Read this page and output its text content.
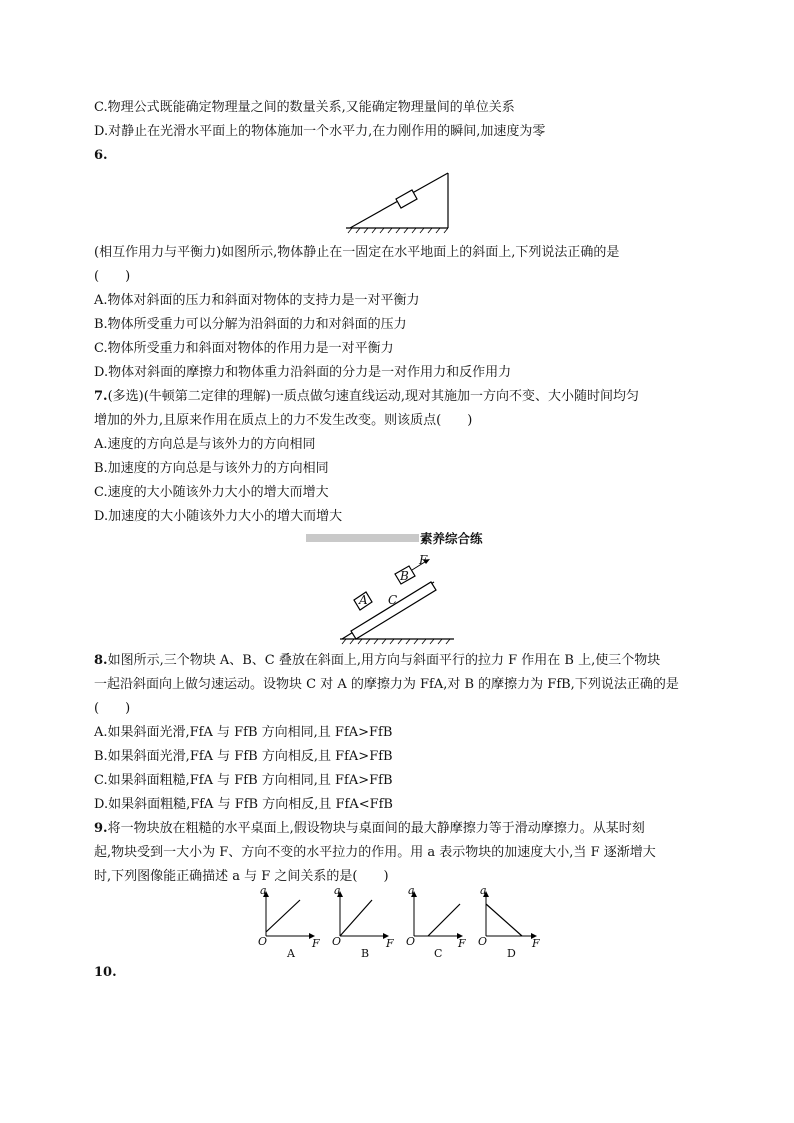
C.物理公式既能确定物理量之间的数量关系,又能确定物理量间的单位关系
D.对静止在光滑水平面上的物体施加一个水平力,在力刚作用的瞬间,加速度为零
6.
(相互作用力与平衡力)如图所示,物体静止在一固定在水平地面上的斜面上,下列说法正确的是
(　　)
A.物体对斜面的压力和斜面对物体的支持力是一对平衡力
B.物体所受重力可以分解为沿斜面的力和对斜面的压力
C.物体所受重力和斜面对物体的作用力是一对平衡力
D.物体对斜面的摩擦力和物体重力沿斜面的分力是一对作用力和反作用力
7.(多选)(牛顿第二定律的理解)一质点做匀速直线运动,现对其施加一方向不变、大小随时间均匀
增加的外力,且原来作用在质点上的力不发生改变。则该质点(　　)
A.速度的方向总是与该外力的方向相同
B.加速度的方向总是与该外力的方向相同
C.速度的大小随该外力大小的增大而增大
D.加速度的大小随该外力大小的增大而增大
素养综合练
A
B
C
F
8.如图所示,三个物块 A、B、C 叠放在斜面上,用方向与斜面平行的拉力 F 作用在 B 上,使三个物块
一起沿斜面向上做匀速运动。设物块 C 对 A 的摩擦力为 FfA,对 B 的摩擦力为 FfB,下列说法正确的是
(　　)
A.如果斜面光滑,FfA 与 FfB 方向相同,且 FfA>FfB
B.如果斜面光滑,FfA 与 FfB 方向相反,且 FfA>FfB
C.如果斜面粗糙,FfA 与 FfB 方向相同,且 FfA>FfB
D.如果斜面粗糙,FfA 与 FfB 方向相反,且 FfA<FfB
9.将一物块放在粗糙的水平桌面上,假设物块与桌面间的最大静摩擦力等于滑动摩擦力。从某时刻
起,物块受到一大小为 F、方向不变的水平拉力的作用。用 a 表示物块的加速度大小,当 F 逐渐增大
时,下列图像能正确描述 a 与 F 之间关系的是(　　)
a
O	F
A
a
O	F
B
a
O	F
C
a
O	F
D
10.
